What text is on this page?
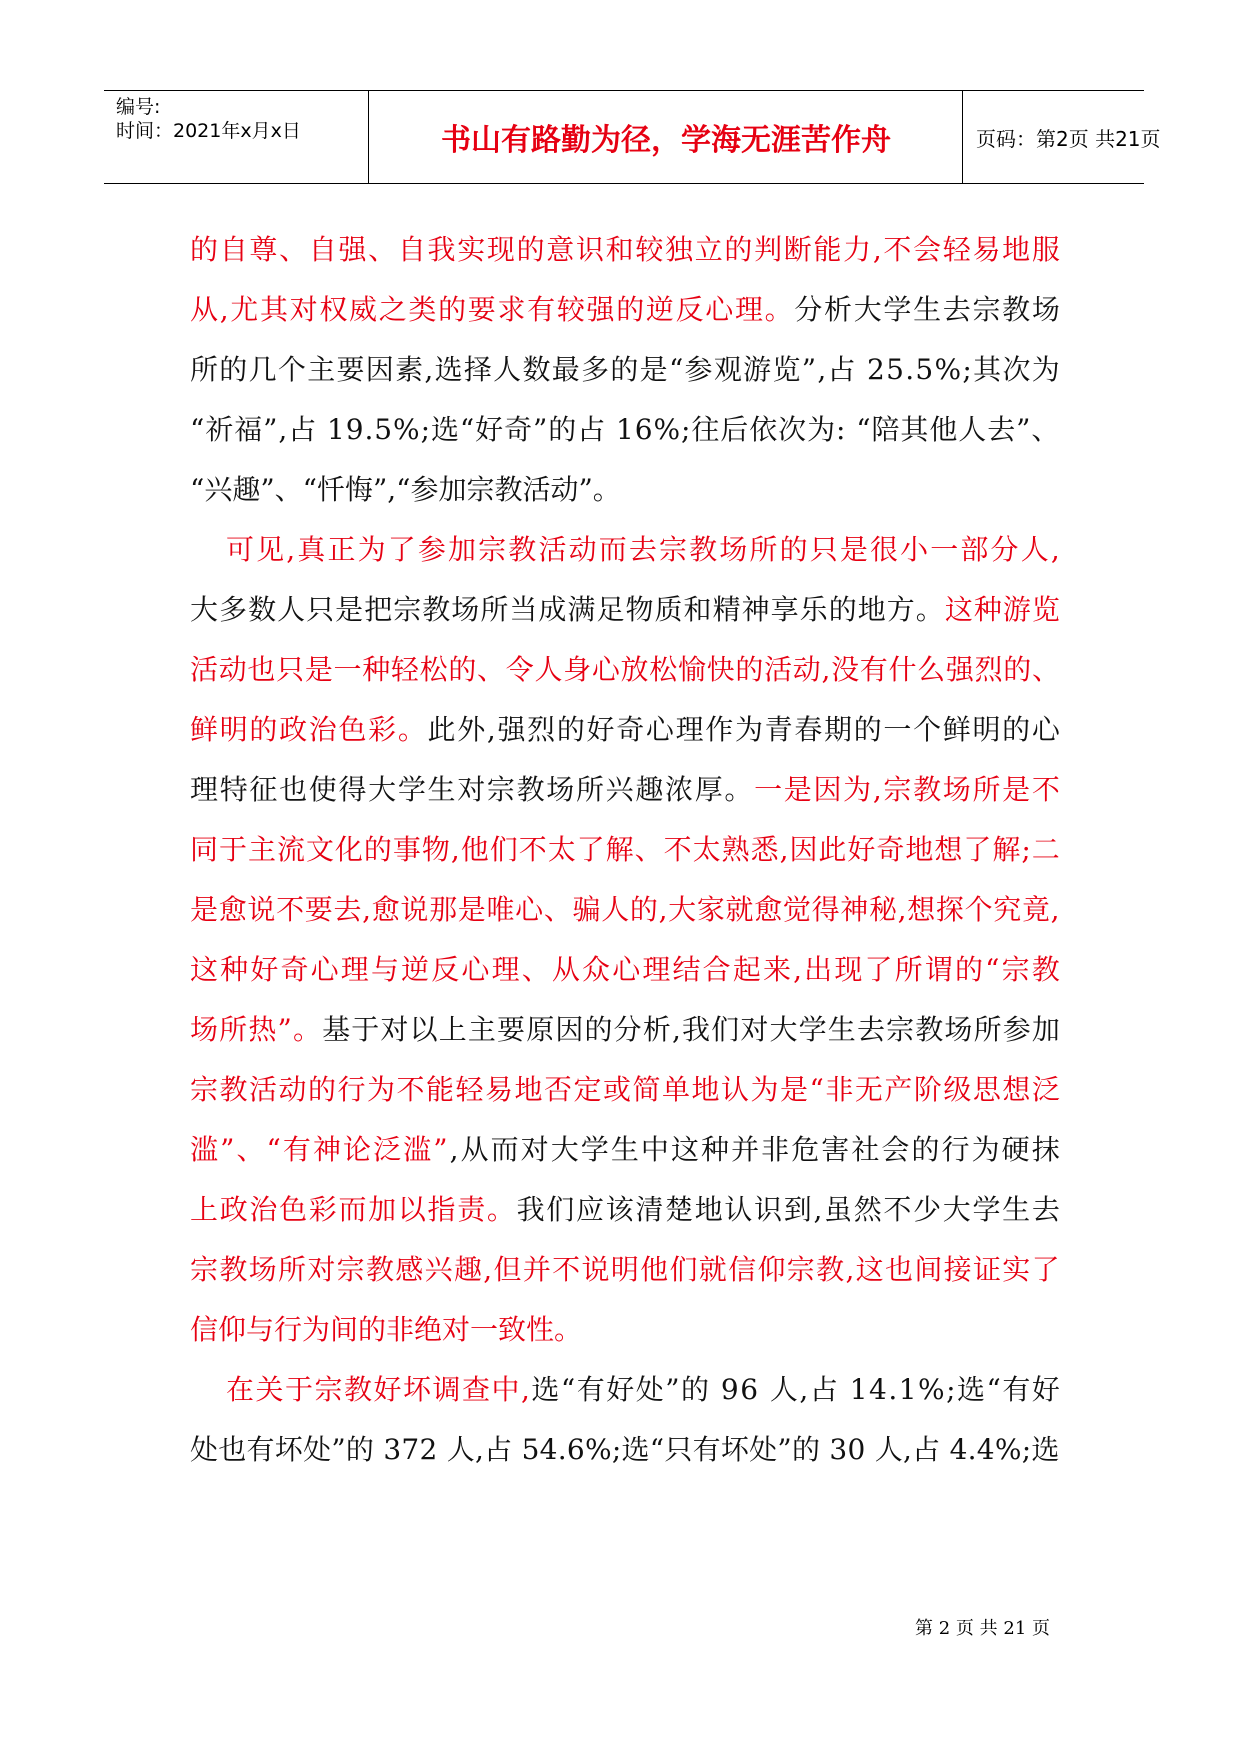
编号:
时间：2021年x月x日	书山有路勤为径，学海无涯苦作舟	页码：第2页 共21页
的 自 尊 、 自 强 、 自 我 实 现 的 意 识 和 较 独 立 的 判 断 能 力 , 不 会 轻 易 地 服
从 , 尤 其 对 权 威 之 类 的 要 求 有 较 强 的 逆 反 心 理 。 分 析 大 学 生 去 宗 教 场
所 的 几 个 主 要 因 素 , 选 择 人 数 最 多 的 是 “ 参 观 游 览 ” , 占
2 5 . 5 % ; 其 次 为
“ 祈 福 ” , 占
1 9 . 5 % ; 选 “ 好 奇 ” 的 占
1 6 % ; 往 后 依 次 为 :
“ 陪 其 他 人 去 ” 、
“兴趣”、“忏悔”,“参加宗教活动”。
可 见 , 真 正 为 了 参 加 宗 教 活 动 而 去 宗 教 场 所 的 只 是 很 小 一 部 分 人 ,
大 多 数 人 只 是 把 宗 教 场 所 当 成 满 足 物 质 和 精 神 享 乐 的 地 方 。 这 种 游 览
活 动 也 只 是 一 种 轻 松 的 、 令 人 身 心 放 松 愉 快 的 活 动 , 没 有 什 么 强 烈 的 、
鲜 明 的 政 治 色 彩 。 此 外 , 强 烈 的 好 奇 心 理 作 为 青 春 期 的 一 个 鲜 明 的 心
理 特 征 也 使 得 大 学 生 对 宗 教 场 所 兴 趣 浓 厚 。 一 是 因 为 , 宗 教 场 所 是 不
同 于 主 流 文 化 的 事 物 , 他 们 不 太 了 解 、 不 太 熟 悉 , 因 此 好 奇 地 想 了 解 ; 二
是 愈 说 不 要 去 , 愈 说 那 是 唯 心 、 骗 人 的 , 大 家 就 愈 觉 得 神 秘 , 想 探 个 究 竟 ,
这 种 好 奇 心 理 与 逆 反 心 理 、 从 众 心 理 结 合 起 来 , 出 现 了 所 谓 的 “ 宗 教
场 所 热 ” 。 基 于 对 以 上 主 要 原 因 的 分 析 , 我 们 对 大 学 生 去 宗 教 场 所 参 加
宗 教 活 动 的 行 为 不 能 轻 易 地 否 定 或 简 单 地 认 为 是 “ 非 无 产 阶 级 思 想 泛
滥 ” 、 “ 有 神 论 泛 滥 ” , 从 而 对 大 学 生 中 这 种 并 非 危 害 社 会 的 行 为 硬 抹
上 政 治 色 彩 而 加 以 指 责 。 我 们 应 该 清 楚 地 认 识 到 , 虽 然 不 少 大 学 生 去
宗 教 场 所 对 宗 教 感 兴 趣 , 但 并 不 说 明 他 们 就 信 仰 宗 教 , 这 也 间 接 证 实 了
信仰与行为间的非绝对一致性。
在 关 于 宗 教 好 坏 调 查 中 , 选 “ 有 好 处 ” 的
9 6
人 , 占
1 4 . 1 % ; 选 “ 有 好
处 也 有 坏 处 ” 的
3 7 2
人 , 占
5 4 . 6 % ; 选 “ 只 有 坏 处 ” 的
3 0
人 , 占
4 . 4 % ; 选
第 2 页 共 21 页
